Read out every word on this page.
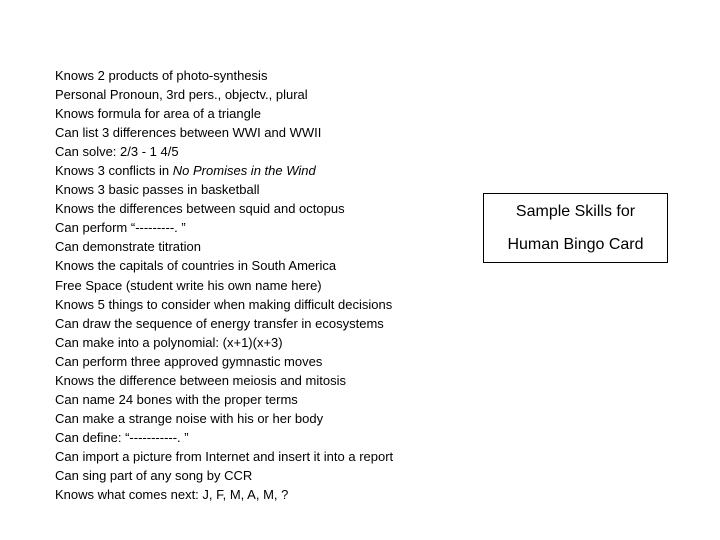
Knows 2 products of photo-synthesis
Personal Pronoun, 3rd pers., objectv., plural
Knows formula for area of a triangle
Can list 3 differences between WWI and WWII
Can solve: 2/3 - 1 4/5
Knows 3 conflicts in No Promises in the Wind
Knows 3 basic passes in basketball
Knows the differences between squid and octopus
Can perform “---------. ”
Can demonstrate titration
Knows the capitals of countries in South America
Free Space (student write his own name here)
Knows 5 things to consider when making difficult decisions
Can draw the sequence of energy transfer in ecosystems
Can make into a polynomial: (x+1)(x+3)
Can perform three approved gymnastic moves
Knows the difference between meiosis and mitosis
Can name 24 bones with the proper terms
Can make a strange noise with his or her body
Can define: “-----------. ”
Can import a picture from Internet and insert it into a report
Can sing part of any song by CCR
Knows what comes next: J, F, M, A, M, ?
Sample Skills for
Human Bingo Card
